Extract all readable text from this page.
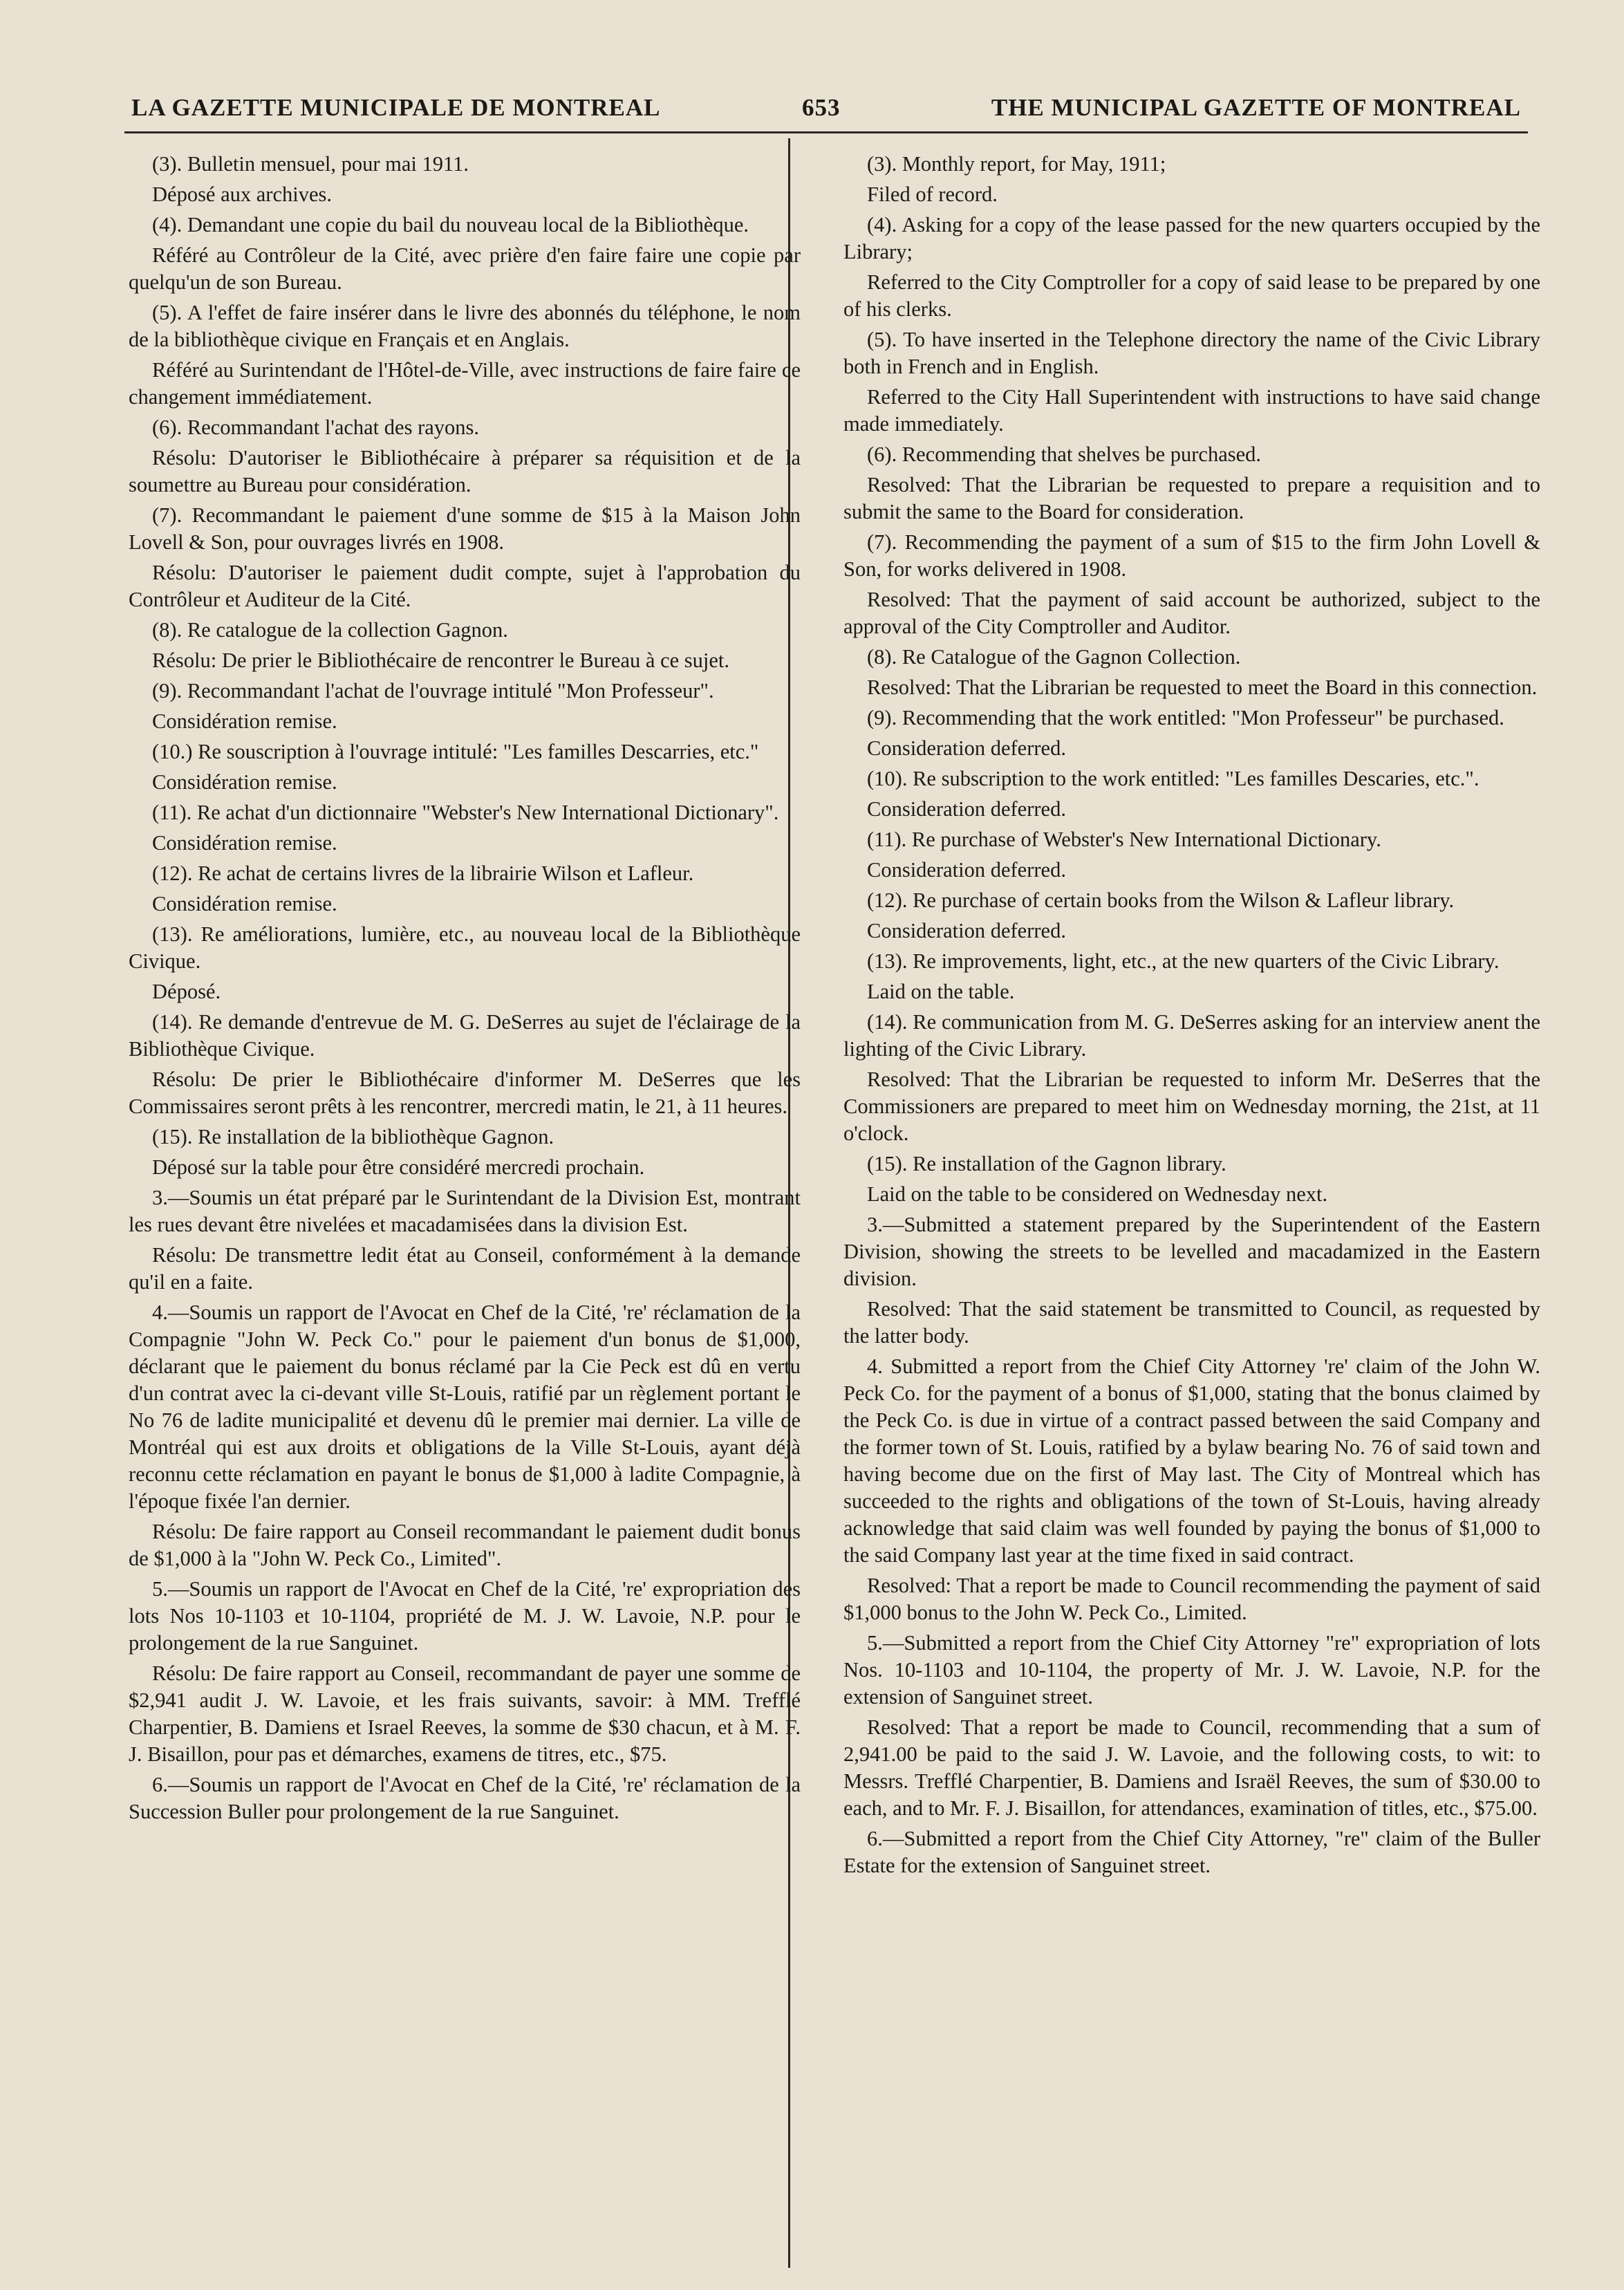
LA GAZETTE MUNICIPALE DE MONTREAL	653	THE MUNICIPAL GAZETTE OF MONTREAL

(3). Bulletin mensuel, pour mai 1911.

Déposé aux archives.

(4). Demandant une copie du bail du nouveau local de la Bibliothèque.

Référé au Contrôleur de la Cité, avec prière d'en faire faire une copie par quelqu'un de son Bureau.

(5). A l'effet de faire insérer dans le livre des abonnés du téléphone, le nom de la bibliothèque civique en Français et en Anglais.

Référé au Surintendant de l'Hôtel-de-Ville, avec instructions de faire faire ce changement immédiatement.

(6). Recommandant l'achat des rayons.

Résolu: D'autoriser le Bibliothécaire à préparer sa réquisition et de la soumettre au Bureau pour considération.

(7). Recommandant le paiement d'une somme de $15 à la Maison John Lovell & Son, pour ouvrages livrés en 1908.

Résolu: D'autoriser le paiement dudit compte, sujet à l'approbation du Contrôleur et Auditeur de la Cité.

(8). Re catalogue de la collection Gagnon.

Résolu: De prier le Bibliothécaire de rencontrer le Bureau à ce sujet.

(9). Recommandant l'achat de l'ouvrage intitulé "Mon Professeur".

Considération remise.

(10.) Re souscription à l'ouvrage intitulé: "Les familles Descarries, etc."

Considération remise.

(11). Re achat d'un dictionnaire "Webster's New International Dictionary".

Considération remise.

(12). Re achat de certains livres de la librairie Wilson et Lafleur.

Considération remise.

(13). Re améliorations, lumière, etc., au nouveau local de la Bibliothèque Civique.

Déposé.

(14). Re demande d'entrevue de M. G. DeSerres au sujet de l'éclairage de la Bibliothèque Civique.

Résolu: De prier le Bibliothécaire d'informer M. DeSerres que les Commissaires seront prêts à les rencontrer, mercredi matin, le 21, à 11 heures.

(15). Re installation de la bibliothèque Gagnon.

Déposé sur la table pour être considéré mercredi prochain.

3.—Soumis un état préparé par le Surintendant de la Division Est, montrant les rues devant être nivelées et macadamisées dans la division Est.

Résolu: De transmettre ledit état au Conseil, conformément à la demande qu'il en a faite.

4.—Soumis un rapport de l'Avocat en Chef de la Cité, 're' réclamation de la Compagnie "John W. Peck Co." pour le paiement d'un bonus de $1,000, déclarant que le paiement du bonus réclamé par la Cie Peck est dû en vertu d'un contrat avec la ci-devant ville St-Louis, ratifié par un règlement portant le No 76 de ladite municipalité et devenu dû le premier mai dernier. La ville de Montréal qui est aux droits et obligations de la Ville St-Louis, ayant déjà reconnu cette réclamation en payant le bonus de $1,000 à ladite Compagnie, à l'époque fixée l'an dernier.

Résolu: De faire rapport au Conseil recommandant le paiement dudit bonus de $1,000 à la "John W. Peck Co., Limited".

5.—Soumis un rapport de l'Avocat en Chef de la Cité, 're' expropriation des lots Nos 10-1103 et 10-1104, propriété de M. J. W. Lavoie, N.P. pour le prolongement de la rue Sanguinet.

Résolu: De faire rapport au Conseil, recommandant de payer une somme de $2,941 audit J. W. Lavoie, et les frais suivants, savoir: à MM. Trefflé Charpentier, B. Damiens et Israel Reeves, la somme de $30 chacun, et à M. F. J. Bisaillon, pour pas et démarches, examens de titres, etc., $75.

6.—Soumis un rapport de l'Avocat en Chef de la Cité, 're' réclamation de la Succession Buller pour prolongement de la rue Sanguinet.

(3). Monthly report, for May, 1911;

Filed of record.

(4). Asking for a copy of the lease passed for the new quarters occupied by the Library;

Referred to the City Comptroller for a copy of said lease to be prepared by one of his clerks.

(5). To have inserted in the Telephone directory the name of the Civic Library both in French and in English.

Referred to the City Hall Superintendent with instructions to have said change made immediately.

(6). Recommending that shelves be purchased.

Resolved: That the Librarian be requested to prepare a requisition and to submit the same to the Board for consideration.

(7). Recommending the payment of a sum of $15 to the firm John Lovell & Son, for works delivered in 1908.

Resolved: That the payment of said account be authorized, subject to the approval of the City Comptroller and Auditor.

(8). Re Catalogue of the Gagnon Collection.

Resolved: That the Librarian be requested to meet the Board in this connection.

(9). Recommending that the work entitled: "Mon Professeur" be purchased.

Consideration deferred.

(10). Re subscription to the work entitled: "Les familles Descaries, etc.".

Consideration deferred.

(11). Re purchase of Webster's New International Dictionary.

Consideration deferred.

(12). Re purchase of certain books from the Wilson & Lafleur library.

Consideration deferred.

(13). Re improvements, light, etc., at the new quarters of the Civic Library.

Laid on the table.

(14). Re communication from M. G. DeSerres asking for an interview anent the lighting of the Civic Library.

Resolved: That the Librarian be requested to inform Mr. DeSerres that the Commissioners are prepared to meet him on Wednesday morning, the 21st, at 11 o'clock.

(15). Re installation of the Gagnon library.

Laid on the table to be considered on Wednesday next.

3.—Submitted a statement prepared by the Superintendent of the Eastern Division, showing the streets to be levelled and macadamized in the Eastern division.

Resolved: That the said statement be transmitted to Council, as requested by the latter body.

4. Submitted a report from the Chief City Attorney 're' claim of the John W. Peck Co. for the payment of a bonus of $1,000, stating that the bonus claimed by the Peck Co. is due in virtue of a contract passed between the said Company and the former town of St. Louis, ratified by a bylaw bearing No. 76 of said town and having become due on the first of May last. The City of Montreal which has succeeded to the rights and obligations of the town of St-Louis, having already acknowledge that said claim was well founded by paying the bonus of $1,000 to the said Company last year at the time fixed in said contract.

Resolved: That a report be made to Council recommending the payment of said $1,000 bonus to the John W. Peck Co., Limited.

5.—Submitted a report from the Chief City Attorney "re" expropriation of lots Nos. 10-1103 and 10-1104, the property of Mr. J. W. Lavoie, N.P. for the extension of Sanguinet street.

Resolved: That a report be made to Council, recommending that a sum of 2,941.00 be paid to the said J. W. Lavoie, and the following costs, to wit: to Messrs. Trefflé Charpentier, B. Damiens and Israël Reeves, the sum of $30.00 to each, and to Mr. F. J. Bisaillon, for attendances, examination of titles, etc., $75.00.

6.—Submitted a report from the Chief City Attorney, "re" claim of the Buller Estate for the extension of Sanguinet street.
